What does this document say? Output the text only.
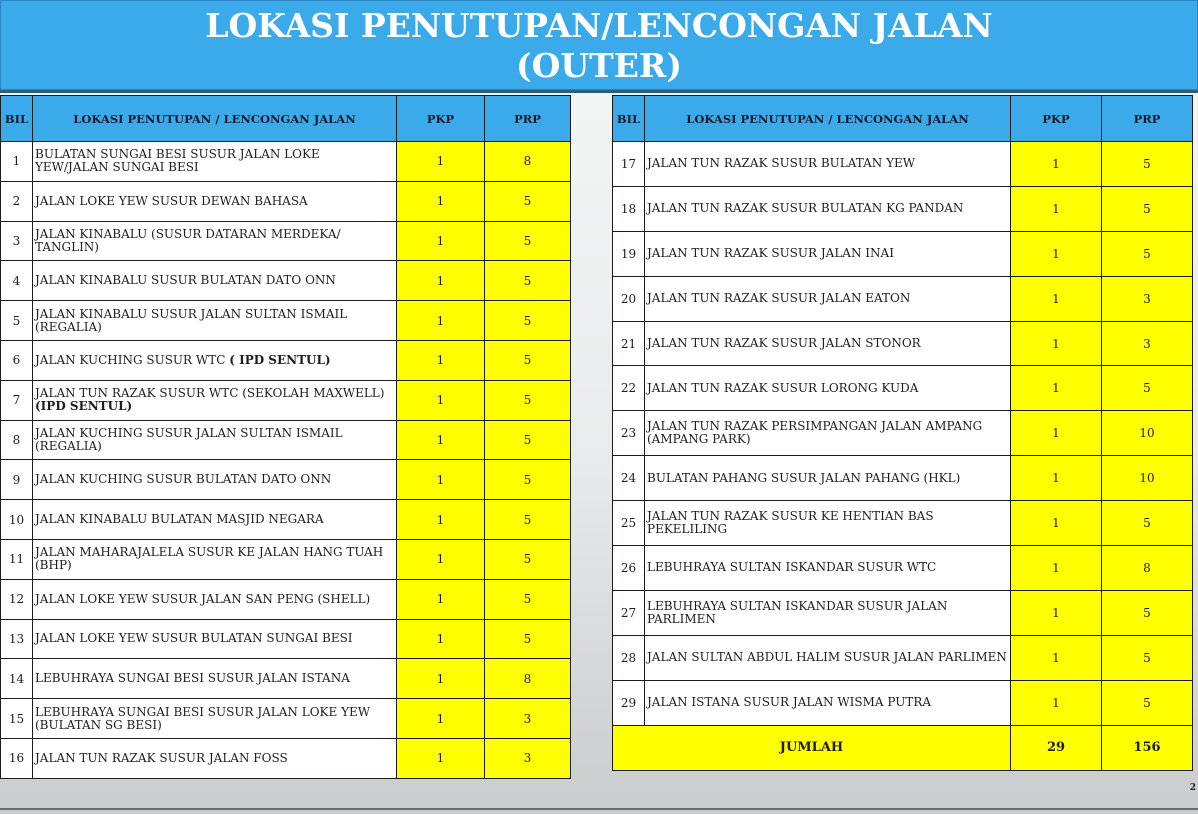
LOKASI PENUTUPAN/LENCONGAN JALAN
(OUTER)
BIL	LOKASI PENUTUPAN / LENCONGAN JALAN	PKP	PRP
1	BULATAN SUNGAI BESI SUSUR JALAN LOKE YEW/JALAN SUNGAI BESI	1	8
2	JALAN LOKE YEW SUSUR DEWAN BAHASA	1	5
3	JALAN KINABALU (SUSUR DATARAN MERDEKA/ TANGLIN)	1	5
4	JALAN KINABALU SUSUR BULATAN DATO ONN	1	5
5	JALAN KINABALU SUSUR JALAN SULTAN ISMAIL (REGALIA)	1	5
6	JALAN KUCHING SUSUR WTC ( IPD SENTUL)	1	5
7	JALAN TUN RAZAK SUSUR WTC (SEKOLAH MAXWELL) (IPD SENTUL)	1	5
8	JALAN KUCHING SUSUR JALAN SULTAN ISMAIL (REGALIA)	1	5
9	JALAN KUCHING SUSUR BULATAN DATO ONN	1	5
10	JALAN KINABALU BULATAN MASJID NEGARA	1	5
11	JALAN MAHARAJALELA SUSUR KE JALAN HANG TUAH (BHP)	1	5
12	JALAN LOKE YEW SUSUR JALAN SAN PENG (SHELL)	1	5
13	JALAN LOKE YEW SUSUR BULATAN SUNGAI BESI	1	5
14	LEBUHRAYA SUNGAI BESI SUSUR JALAN ISTANA	1	8
15	LEBUHRAYA SUNGAI BESI SUSUR JALAN LOKE YEW (BULATAN SG BESI)	1	3
16	JALAN TUN RAZAK SUSUR JALAN FOSS	1	3
BIL	LOKASI PENUTUPAN / LENCONGAN JALAN	PKP	PRP
17	JALAN TUN RAZAK SUSUR BULATAN YEW	1	5
18	JALAN TUN RAZAK SUSUR BULATAN KG PANDAN	1	5
19	JALAN TUN RAZAK SUSUR JALAN INAI	1	5
20	JALAN TUN RAZAK SUSUR JALAN EATON	1	3
21	JALAN TUN RAZAK SUSUR JALAN STONOR	1	3
22	JALAN TUN RAZAK SUSUR LORONG KUDA	1	5
23	JALAN TUN RAZAK PERSIMPANGAN JALAN AMPANG (AMPANG PARK)	1	10
24	BULATAN PAHANG SUSUR JALAN PAHANG (HKL)	1	10
25	JALAN TUN RAZAK SUSUR KE HENTIAN BAS PEKELILING	1	5
26	LEBUHRAYA SULTAN ISKANDAR SUSUR WTC	1	8
27	LEBUHRAYA SULTAN ISKANDAR SUSUR JALAN PARLIMEN	1	5
28	JALAN SULTAN ABDUL HALIM SUSUR JALAN PARLIMEN	1	5
29	JALAN ISTANA SUSUR JALAN WISMA PUTRA	1	5
JUMLAH		29	156
2
